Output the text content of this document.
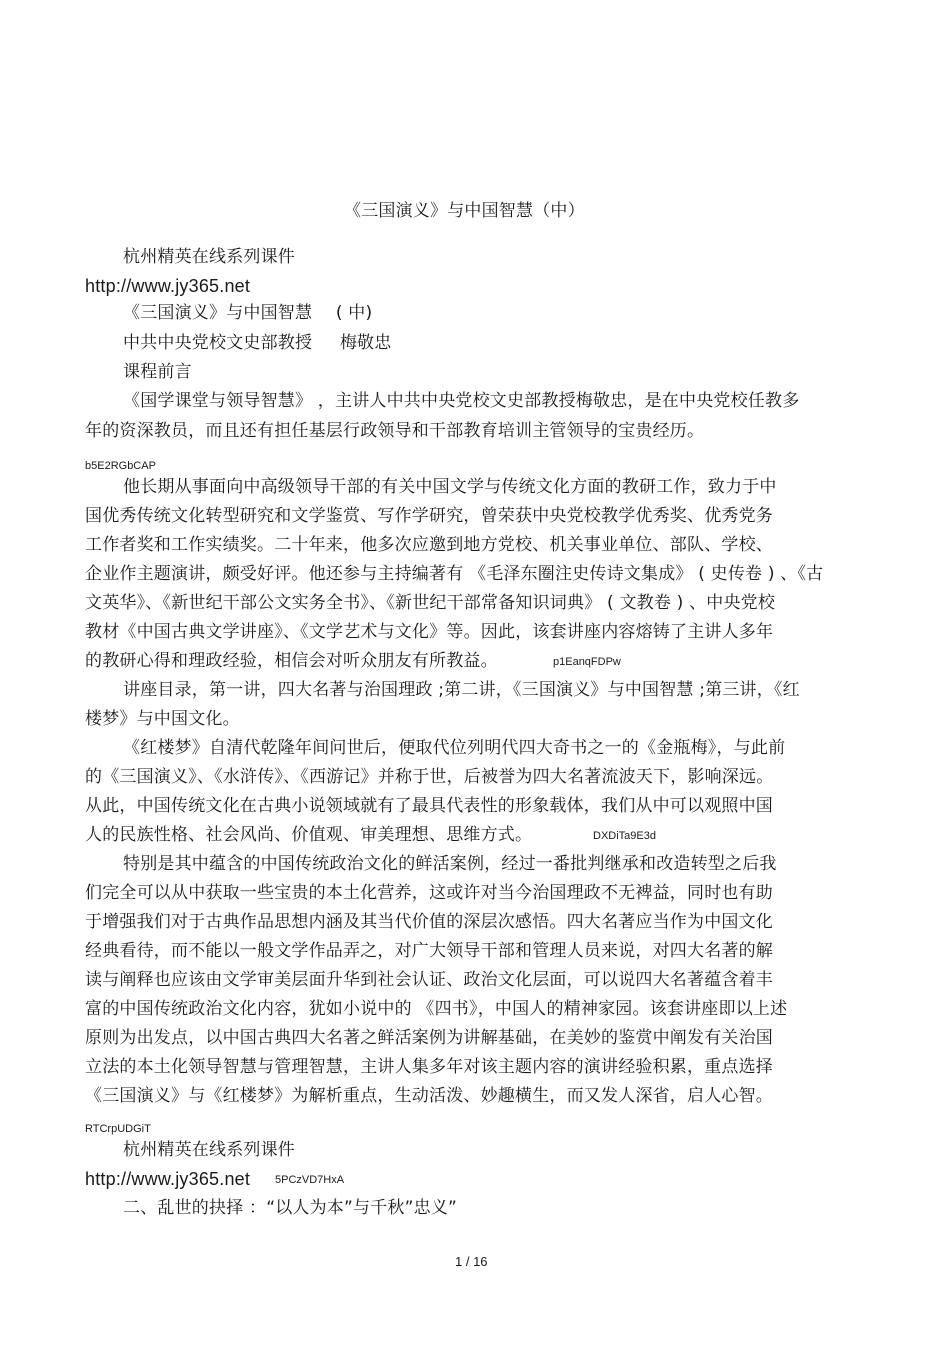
《三国演义》与中国智慧（中）
杭州精英在线系列课件
http://www.jy365.net
《三国演义》与中国智慧 ( 中)
中共中央党校文史部教授 梅敬忠
课程前言
《国学课堂与领导智慧》 ，主讲人中共中央党校文史部教授梅敬忠，是在中央党校任教多
年的资深教员，而且还有担任基层行政领导和干部教育培训主管领导的宝贵经历。
b5E2RGbCAP
他长期从事面向中高级领导干部的有关中国文学与传统文化方面的教研工作，致力于中
国优秀传统文化转型研究和文学鉴赏、写作学研究，曾荣获中央党校教学优秀奖、优秀党务
工作者奖和工作实绩奖。二十年来，他多次应邀到地方党校、机关事业单位、部队、学校、
企业作主题演讲，颇受好评。他还参与主持编著有 《毛泽东圈注史传诗文集成》 ( 史传卷 ) 、《古
文英华》、《新世纪干部公文实务全书》、《新世纪干部常备知识词典》 ( 文教卷 ) 、中央党校
教材《中国古典文学讲座》、《文学艺术与文化》等。因此，该套讲座内容熔铸了主讲人多年
的教研心得和理政经验，相信会对听众朋友有所教益。	p1EanqFDPw
讲座目录，第一讲，四大名著与治国理政 ;第二讲，《三国演义》与中国智慧 ;第三讲，《红
楼梦》与中国文化。
《红楼梦》自清代乾隆年间问世后，便取代位列明代四大奇书之一的《金瓶梅》，与此前
的《三国演义》、《水浒传》、《西游记》并称于世，后被誉为四大名著流波天下，影响深远。
从此，中国传统文化在古典小说领域就有了最具代表性的形象载体，我们从中可以观照中国
人的民族性格、社会风尚、价值观、审美理想、思维方式。	DXDiTa9E3d
特别是其中蕴含的中国传统政治文化的鲜活案例，经过一番批判继承和改造转型之后我
们完全可以从中获取一些宝贵的本土化营养，这或许对当今治国理政不无裨益，同时也有助
于增强我们对于古典作品思想内涵及其当代价值的深层次感悟。四大名著应当作为中国文化
经典看待，而不能以一般文学作品弄之，对广大领导干部和管理人员来说，对四大名著的解
读与阐释也应该由文学审美层面升华到社会认证、政治文化层面，可以说四大名著蕴含着丰
富的中国传统政治文化内容，犹如小说中的 《四书》，中国人的精神家园。该套讲座即以上述
原则为出发点，以中国古典四大名著之鲜活案例为讲解基础，在美妙的鉴赏中阐发有关治国
立法的本土化领导智慧与管理智慧，主讲人集多年对该主题内容的演讲经验积累，重点选择
《三国演义》与《红楼梦》为解析重点，生动活泼、妙趣横生，而又发人深省，启人心智。
RTCrpUDGiT
杭州精英在线系列课件
http://www.jy365.net 5PCzVD7HxA
二、乱世的抉择 ：“以人为本”与千秋”忠义”
1 / 16
